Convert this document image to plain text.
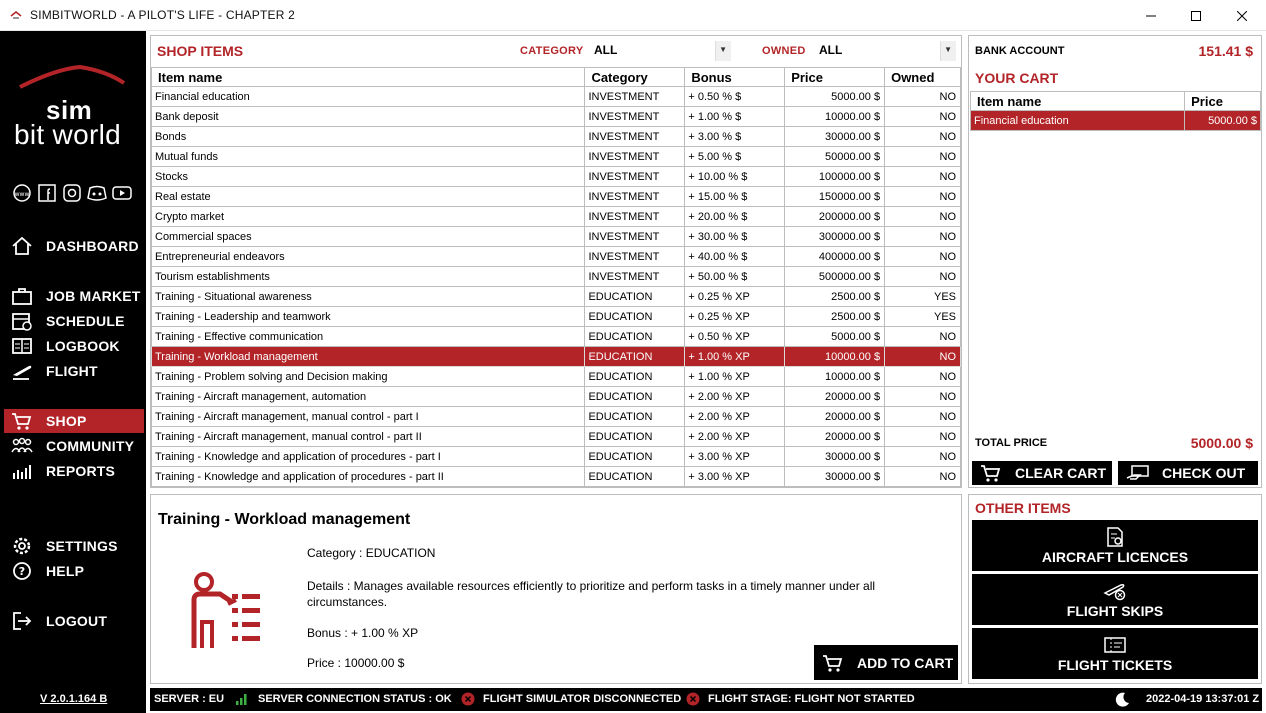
SIMBITWORLD - A PILOT'S LIFE - CHAPTER 2
sim
bit world
www
DASHBOARD
JOB MARKET
SCHEDULE
LOGBOOK
FLIGHT
SHOP
COMMUNITY
REPORTS
SETTINGS
? HELP
LOGOUT
V 2.0.1.164 B
SHOP ITEMS	CATEGORY ALL	▼	OWNED ALL	▼
Item name	Category	Bonus	Price	Owned
Financial education	INVESTMENT	+ 0.50 % $	5000.00 $	NO
Bank deposit	INVESTMENT	+ 1.00 % $	10000.00 $	NO
Bonds	INVESTMENT	+ 3.00 % $	30000.00 $	NO
Mutual funds	INVESTMENT	+ 5.00 % $	50000.00 $	NO
Stocks	INVESTMENT	+ 10.00 % $	100000.00 $	NO
Real estate	INVESTMENT	+ 15.00 % $	150000.00 $	NO
Crypto market	INVESTMENT	+ 20.00 % $	200000.00 $	NO
Commercial spaces	INVESTMENT	+ 30.00 % $	300000.00 $	NO
Entrepreneurial endeavors	INVESTMENT	+ 40.00 % $	400000.00 $	NO
Tourism establishments	INVESTMENT	+ 50.00 % $	500000.00 $	NO
Training - Situational awareness	EDUCATION	+ 0.25 % XP	2500.00 $	YES
Training - Leadership and teamwork	EDUCATION	+ 0.25 % XP	2500.00 $	YES
Training - Effective communication	EDUCATION	+ 0.50 % XP	5000.00 $	NO
Training - Workload management	EDUCATION	+ 1.00 % XP	10000.00 $	NO
Training - Problem solving and Decision making	EDUCATION	+ 1.00 % XP	10000.00 $	NO
Training - Aircraft management, automation	EDUCATION	+ 2.00 % XP	20000.00 $	NO
Training - Aircraft management, manual control - part I	EDUCATION	+ 2.00 % XP	20000.00 $	NO
Training - Aircraft management, manual control - part II	EDUCATION	+ 2.00 % XP	20000.00 $	NO
Training - Knowledge and application of procedures - part I	EDUCATION	+ 3.00 % XP	30000.00 $	NO
Training - Knowledge and application of procedures - part II	EDUCATION	+ 3.00 % XP	30000.00 $	NO
Training - Workload management
Category : EDUCATION
Details : Manages available resources efficiently to prioritize and perform tasks in a timely manner under all circumstances.
Bonus : + 1.00 % XP
Price : 10000.00 $	ADD TO CART
BANK ACCOUNT	151.41 $
YOUR CART
Item name	Price
Financial education	5000.00 $
TOTAL PRICE	5000.00 $
CLEAR CART	CHECK OUT
OTHER ITEMS
AIRCRAFT LICENCES
FLIGHT SKIPS
FLIGHT TICKETS
SERVER : EU	SERVER CONNECTION STATUS : OK	FLIGHT SIMULATOR DISCONNECTED FLIGHT STAGE: FLIGHT NOT STARTED	2022-04-19 13:37:01 Z
